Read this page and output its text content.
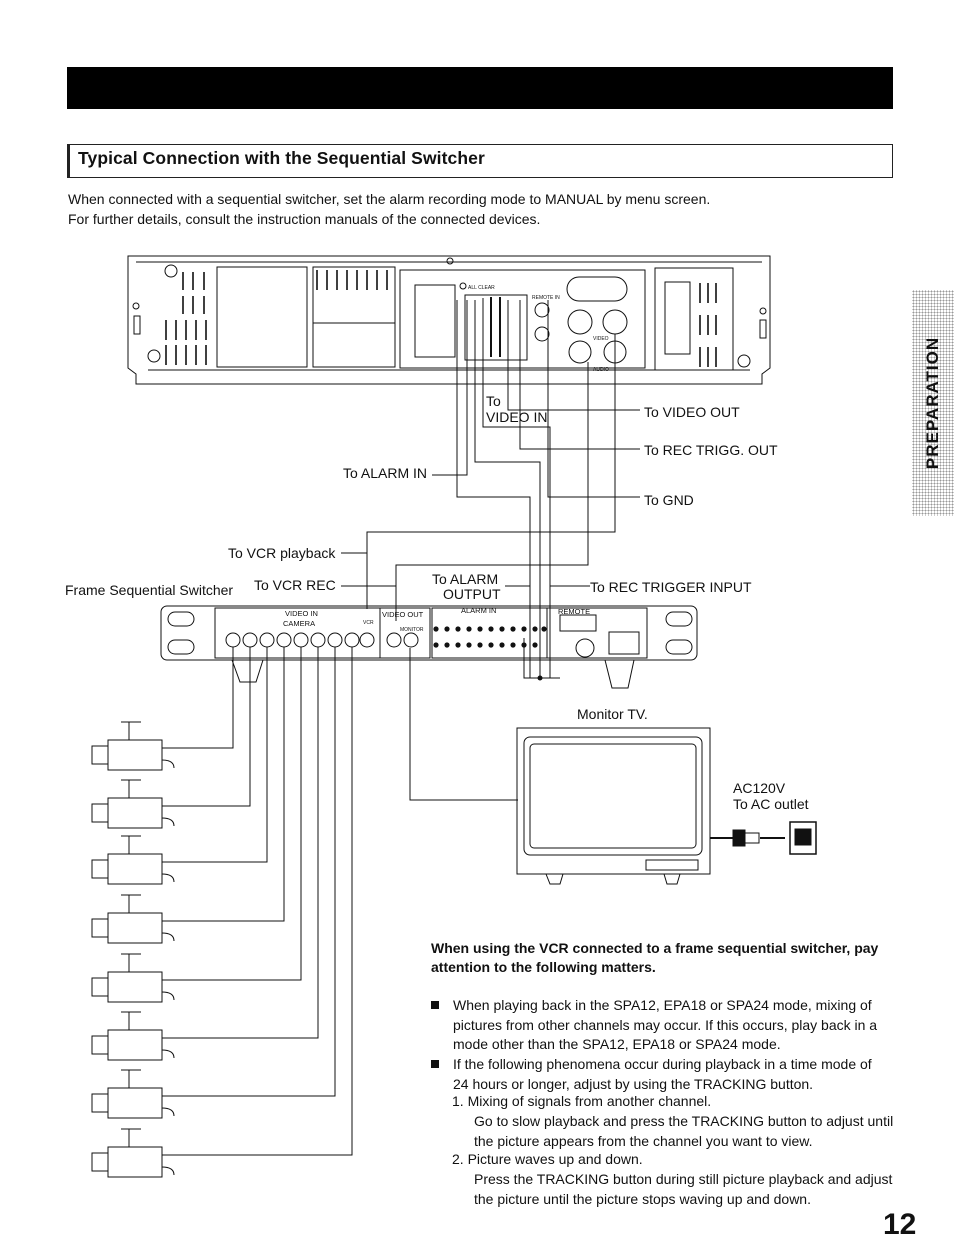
Typical Connection with the Sequential Switcher
When connected with a sequential switcher, set the alarm recording mode to MANUAL by menu screen.
For further details, consult the instruction manuals of the connected devices.
PREPARATION
ALL CLEAR
REMOTE IN
VIDEO
AUDIO
VIDEO IN
CAMERA
VIDEO OUT	ALARM IN	REMOTE
MONITOR
VCR
To
VIDEO IN	To VIDEO OUT
To REC TRIGG. OUT
To ALARM IN
To GND
To VCR playback
Frame Sequential Switcher To VCR REC	To ALARM
OUTPUT	To REC TRIGGER INPUT
Monitor TV.
AC120V
To AC outlet
When using the VCR connected to a frame sequential switcher, pay attention to the following matters.
When playing back in the SPA12, EPA18 or SPA24 mode, mixing of pictures from other channels may occur. If this occurs, play back in a mode other than the SPA12, EPA18 or SPA24 mode.
If the following phenomena occur during playback in a time mode of 24 hours or longer, adjust by using the TRACKING button.
1. Mixing of signals from another channel.
Go to slow playback and press the TRACKING button to adjust until the picture appears from the channel you want to view.
2. Picture waves up and down.
Press the TRACKING button during still picture playback and adjust the picture until the picture stops waving up and down.
12
